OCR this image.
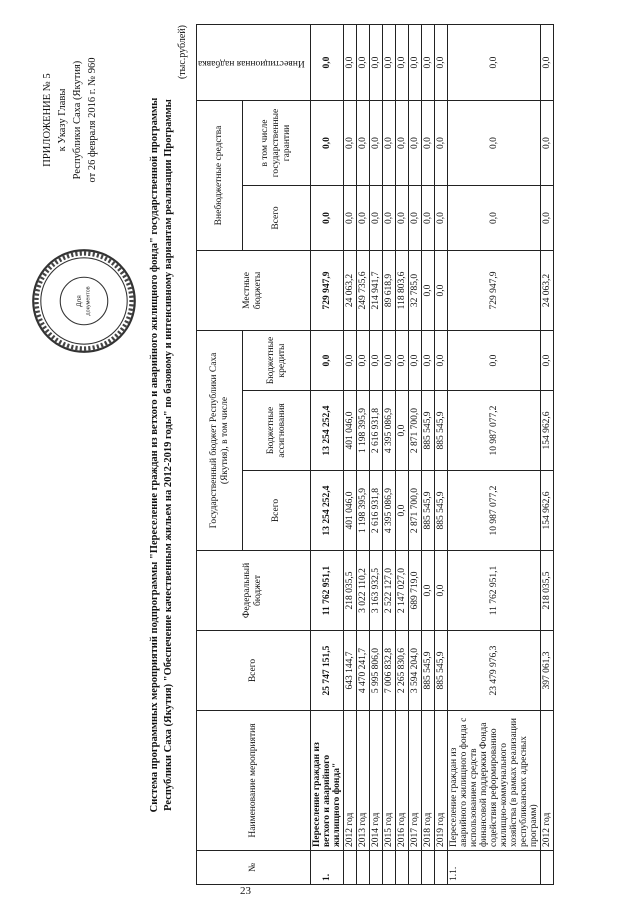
23
Для документов
ПРИЛОЖЕНИЕ № 5 к Указу Главы Республики Саха (Якутия) от 26 февраля 2016 г. № 960	Система программных мероприятий подпрограммы "Переселение граждан из ветхого и аварийного жилищного фонда" государственной программы Республики Саха (Якутия) "Обеспечение качественным жильем на 2012-2019 годы" по базовому и интенсивному вариантам реализации Программы
(тыс.рублей)
№	Наименование мероприятия	Всего	Федеральный бюджет	Государственный бюджет Республики Саха (Якутия), в том числе			Местные бюджеты	Внебюджетные средства		Инвестиционная надбавка
				Всего	Бюджетные ассигнования	Бюджетные кредиты		Всего	в том числе государственные гарантии	
1.	Переселение граждан из ветхого и аварийного жилищного фонда"	25 747 151,5	11 762 951,1	13 254 252,4	13 254 252,4	0,0	729 947,9	0,0	0,0	0,0
	2012 год	643 144,7	218 035,5	401 046,0	401 046,0	0,0	24 063,2	0,0	0,0	0,0
	2013 год	4 470 241,7	3 022 110,2	1 198 395,9	1 198 395,9	0,0	249 735,6	0,0	0,0	0,0
	2014 год	5 995 806,0	3 163 932,5	2 616 931,8	2 616 931,8	0,0	214 941,7	0,0	0,0	0,0
	2015 год	7 006 832,8	2 522 127,0	4 395 086,9	4 395 086,9	0,0	89 618,9	0,0	0,0	0,0
	2016 год	2 265 830,6	2 147 027,0	0,0	0,0	0,0	118 803,6	0,0	0,0	0,0
	2017 год	3 594 204,0	689 719,0	2 871 700,0	2 871 700,0	0,0	32 785,0	0,0	0,0	0,0
	2018 год	885 545,9	0,0	885 545,9	885 545,9	0,0	0,0	0,0	0,0	0,0
	2019 год	885 545,9	0,0	885 545,9	885 545,9	0,0	0,0	0,0	0,0	0,0
1.1.	Переселение граждан из аварийного жилищного фонда с использованием средств финансовой поддержки Фонда содействия реформированию жилищно-коммунального хозяйства (в рамках реализации республиканских адресных программ)	23 479 976,3	11 762 951,1	10 987 077,2	10 987 077,2	0,0	729 947,9	0,0	0,0	0,0
	2012 год	397 061,3	218 035,5	154 962,6	154 962,6	0,0	24 063,2	0,0	0,0	0,0
